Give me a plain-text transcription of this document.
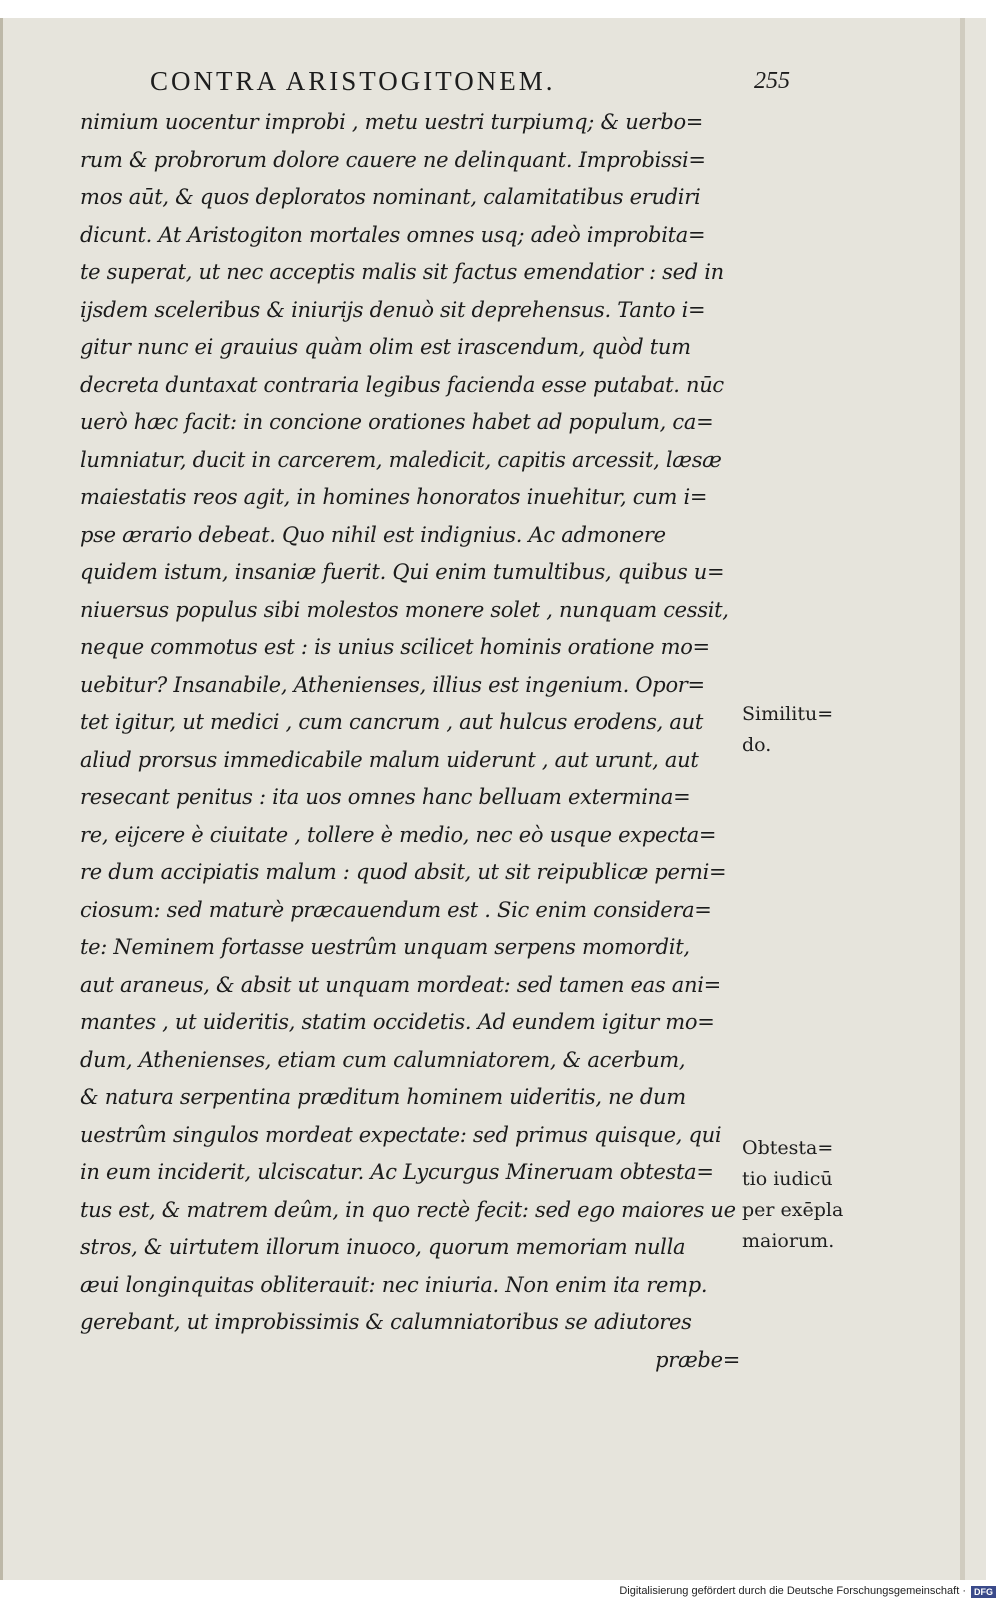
CONTRA ARISTOGITONEM.	255
nimium uocentur improbi , metu uestri turpiumq; & uerbo=
rum & probrorum dolore cauere ne delinquant. Improbissi=
mos aūt, & quos deploratos nominant, calamitatibus erudiri
dicunt. At Aristogiton mortales omnes usq; adeò improbita=
te superat, ut nec acceptis malis sit factus emendatior : sed in
ijsdem sceleribus & iniurijs denuò sit deprehensus. Tanto i=
gitur nunc ei grauius quàm olim est irascendum, quòd tum
decreta duntaxat contraria legibus facienda esse putabat. nūc
uerò hæc facit: in concione orationes habet ad populum, ca=
lumniatur, ducit in carcerem, maledicit, capitis arcessit, læsæ
maiestatis reos agit, in homines honoratos inuehitur, cum i=
pse ærario debeat. Quo nihil est indignius. Ac admonere
quidem istum, insaniæ fuerit. Qui enim tumultibus, quibus u=
niuersus populus sibi molestos monere solet , nunquam cessit,
neque commotus est : is unius scilicet hominis oratione mo=
uebitur? Insanabile, Athenienses, illius est ingenium. Opor=
tet igitur, ut medici , cum cancrum , aut hulcus erodens, aut
aliud prorsus immedicabile malum uiderunt , aut urunt, aut
resecant penitus : ita uos omnes hanc belluam extermina=
re, eijcere è ciuitate , tollere è medio, nec eò usque expecta=
re dum accipiatis malum : quod absit, ut sit reipublicæ perni=
ciosum: sed maturè præcauendum est . Sic enim considera=
te: Neminem fortasse uestrûm unquam serpens momordit,
aut araneus, & absit ut unquam mordeat: sed tamen eas ani=
mantes , ut uideritis, statim occidetis. Ad eundem igitur mo=
dum, Athenienses, etiam cum calumniatorem, & acerbum,
& natura serpentina præditum hominem uideritis, ne dum
uestrûm singulos mordeat expectate: sed primus quisque, qui
in eum inciderit, ulciscatur. Ac Lycurgus Mineruam obtesta=
tus est, & matrem deûm, in quo rectè fecit: sed ego maiores ue
stros, & uirtutem illorum inuoco, quorum memoriam nulla
æui longinquitas obliterauit: nec iniuria. Non enim ita remp.
gerebant, ut improbissimis & calumniatoribus se adiutores
præbe=
Similitu=
do.
Obtesta=
tio iudicū
per exēpla
maiorum.
Digitalisierung gefördert durch die Deutsche Forschungsgemeinschaft · DFG
